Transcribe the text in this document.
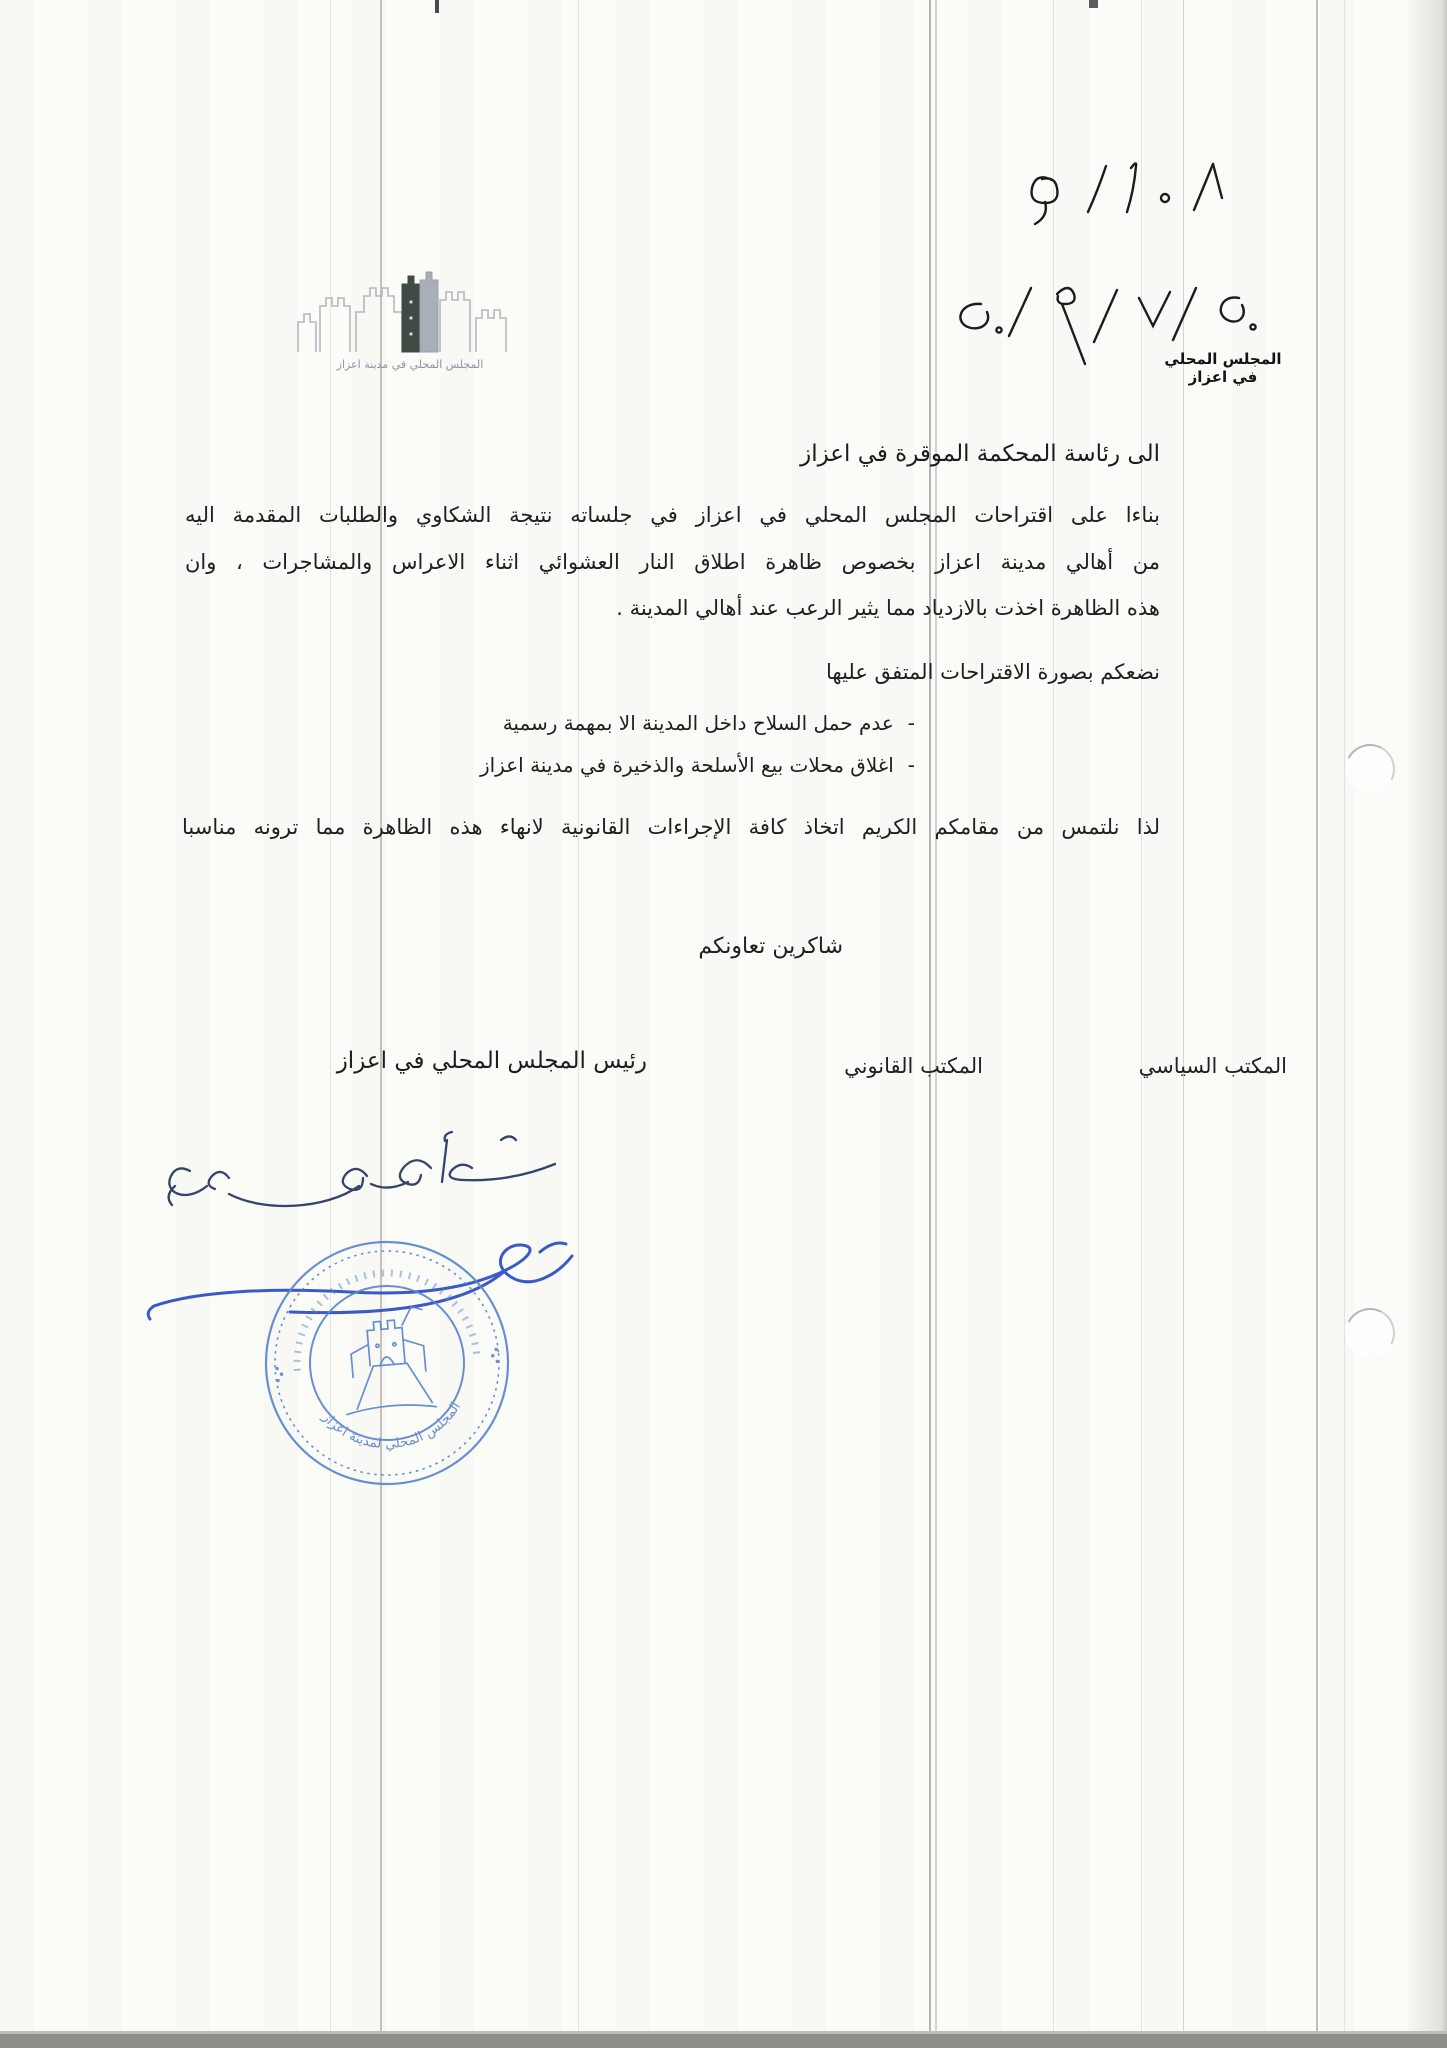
المجلس المحلي في اعزاز
المجلس المحلي في مدينة اعزاز
الى رئاسة المحكمة الموقرة في اعزاز
بناءا على اقتراحات المجلس المحلي في اعزاز في جلساته نتيجة الشكاوي والطلبات المقدمة اليه
من أهالي مدينة اعزاز بخصوص ظاهرة اطلاق النار العشوائي اثناء الاعراس والمشاجرات ، وان
هذه الظاهرة اخذت بالازدياد مما يثير الرعب عند أهالي المدينة .
نضعكم بصورة الاقتراحات المتفق عليها
-
عدم حمل السلاح داخل المدينة الا بمهمة رسمية
-
اغلاق محلات بيع الأسلحة والذخيرة في مدينة اعزاز
لذا نلتمس من مقامكم الكريم اتخاذ كافة الإجراءات القانونية لانهاء هذه الظاهرة مما ترونه مناسبا
شاكرين تعاونكم
المكتب السياسي
المكتب القانوني
رئيس المجلس المحلي في اعزاز
المجلس المحلي لمدينة اعزاز
